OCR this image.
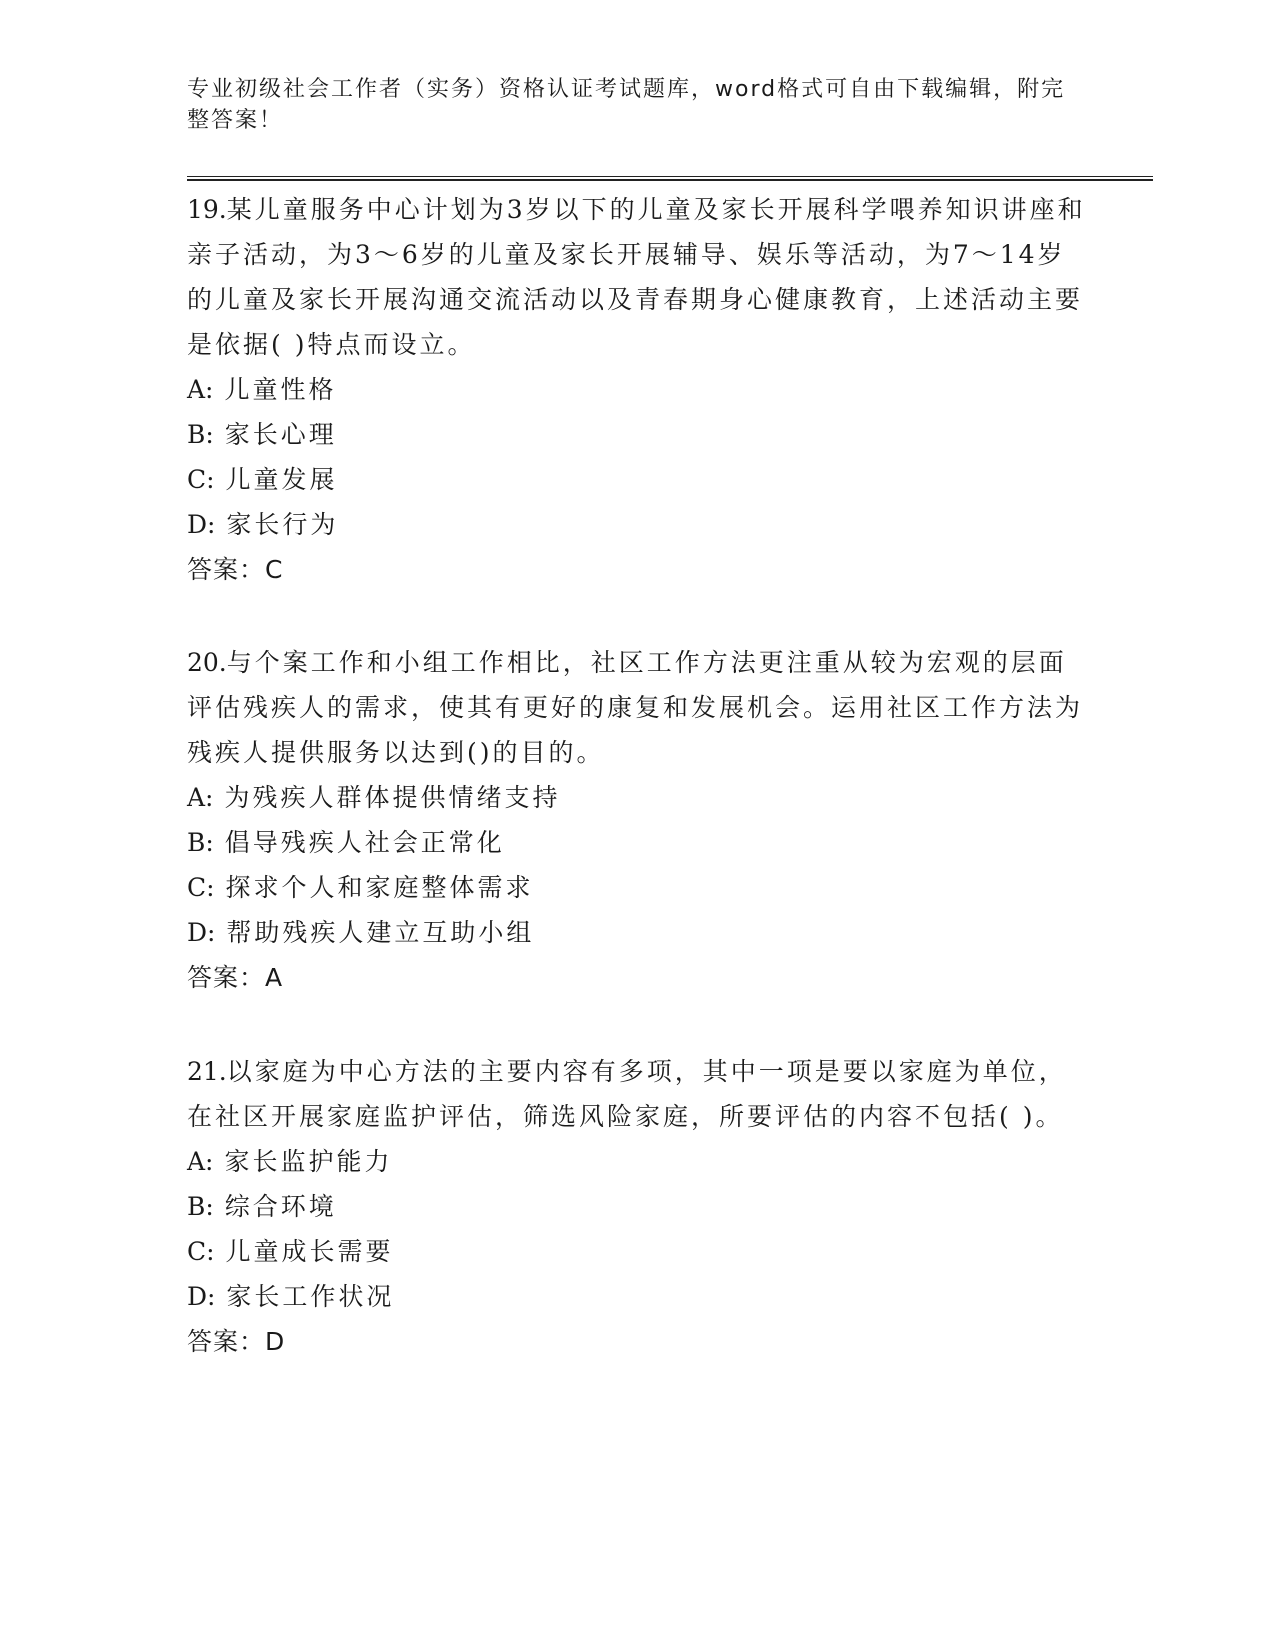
专业初级社会工作者（实务）资格认证考试题库，word格式可自由下载编辑，附完整答案！

19.某儿童服务中心计划为3岁以下的儿童及家长开展科学喂养知识讲座和亲子活动，为3～6岁的儿童及家长开展辅导、娱乐等活动，为7～14岁的儿童及家长开展沟通交流活动以及青春期身心健康教育，上述活动主要是依据( )特点而设立。

A: 儿童性格
B: 家长心理
C: 儿童发展
D: 家长行为
答案：C

20.与个案工作和小组工作相比，社区工作方法更注重从较为宏观的层面评估残疾人的需求，使其有更好的康复和发展机会。运用社区工作方法为残疾人提供服务以达到()的目的。

A: 为残疾人群体提供情绪支持
B: 倡导残疾人社会正常化
C: 探求个人和家庭整体需求
D: 帮助残疾人建立互助小组
答案：A

21.以家庭为中心方法的主要内容有多项，其中一项是要以家庭为单位，在社区开展家庭监护评估，筛选风险家庭，所要评估的内容不包括( )。

A: 家长监护能力
B: 综合环境
C: 儿童成长需要
D: 家长工作状况
答案：D
